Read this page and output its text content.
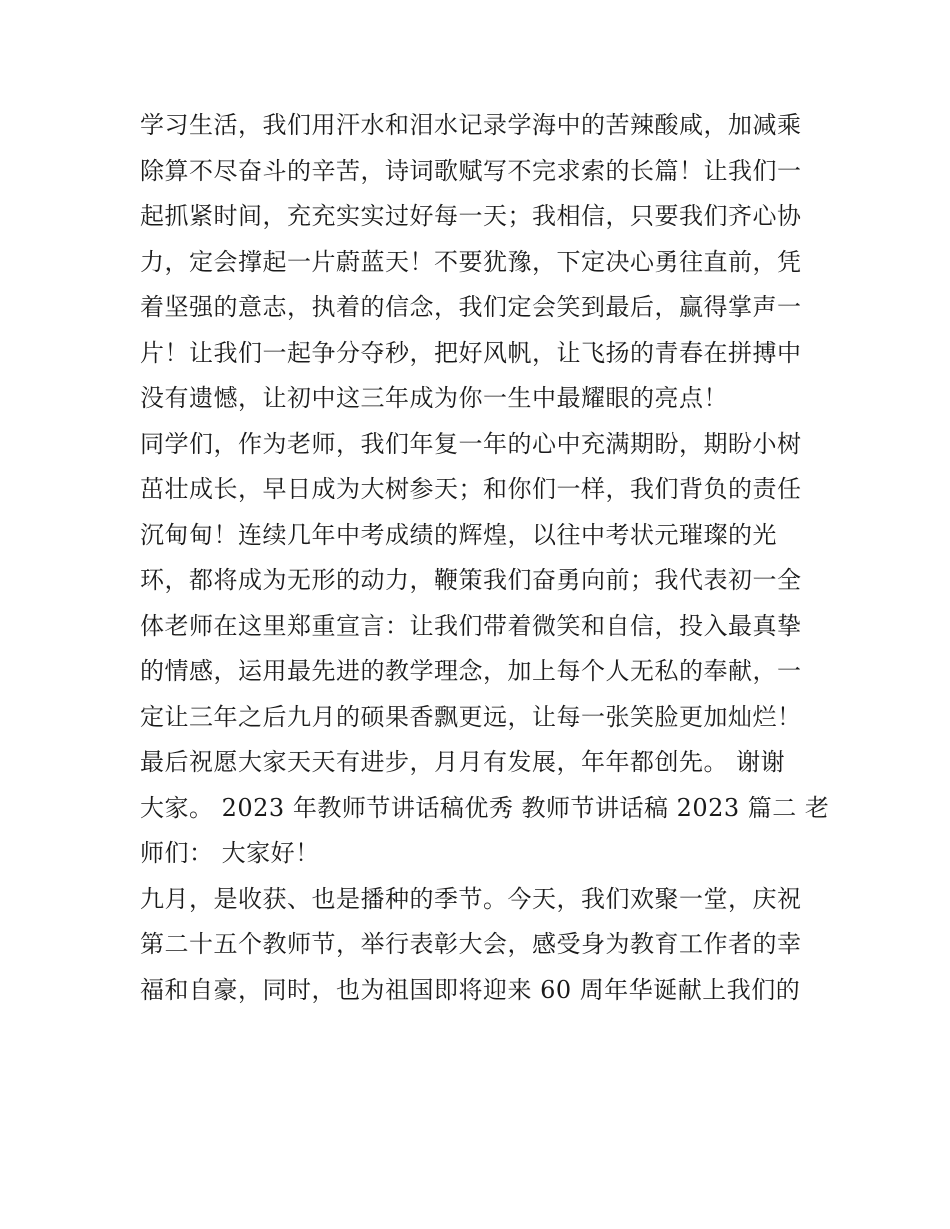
学习生活，我们用汗水和泪水记录学海中的苦辣酸咸，加减乘
除算不尽奋斗的辛苦，诗词歌赋写不完求索的长篇！让我们一
起抓紧时间，充充实实过好每一天；我相信，只要我们齐心协
力，定会撑起一片蔚蓝天！不要犹豫，下定决心勇往直前，凭
着坚强的意志，执着的信念，我们定会笑到最后，赢得掌声一
片！让我们一起争分夺秒，把好风帆，让飞扬的青春在拼搏中
没有遗憾，让初中这三年成为你一生中最耀眼的亮点！
同学们，作为老师，我们年复一年的心中充满期盼，期盼小树
茁壮成长，早日成为大树参天；和你们一样，我们背负的责任
沉甸甸！连续几年中考成绩的辉煌，以往中考状元璀璨的光
环，都将成为无形的动力，鞭策我们奋勇向前；我代表初一全
体老师在这里郑重宣言：让我们带着微笑和自信，投入最真挚
的情感，运用最先进的教学理念，加上每个人无私的奉献，一
定让三年之后九月的硕果香飘更远，让每一张笑脸更加灿烂！
最后祝愿大家天天有进步，月月有发展，年年都创先。 谢谢
大家。 2023 年教师节讲话稿优秀 教师节讲话稿 2023 篇二 老
师们： 大家好！
九月，是收获、也是播种的季节。今天，我们欢聚一堂，庆祝
第二十五个教师节，举行表彰大会，感受身为教育工作者的幸
福和自豪，同时，也为祖国即将迎来 60 周年华诞献上我们的
